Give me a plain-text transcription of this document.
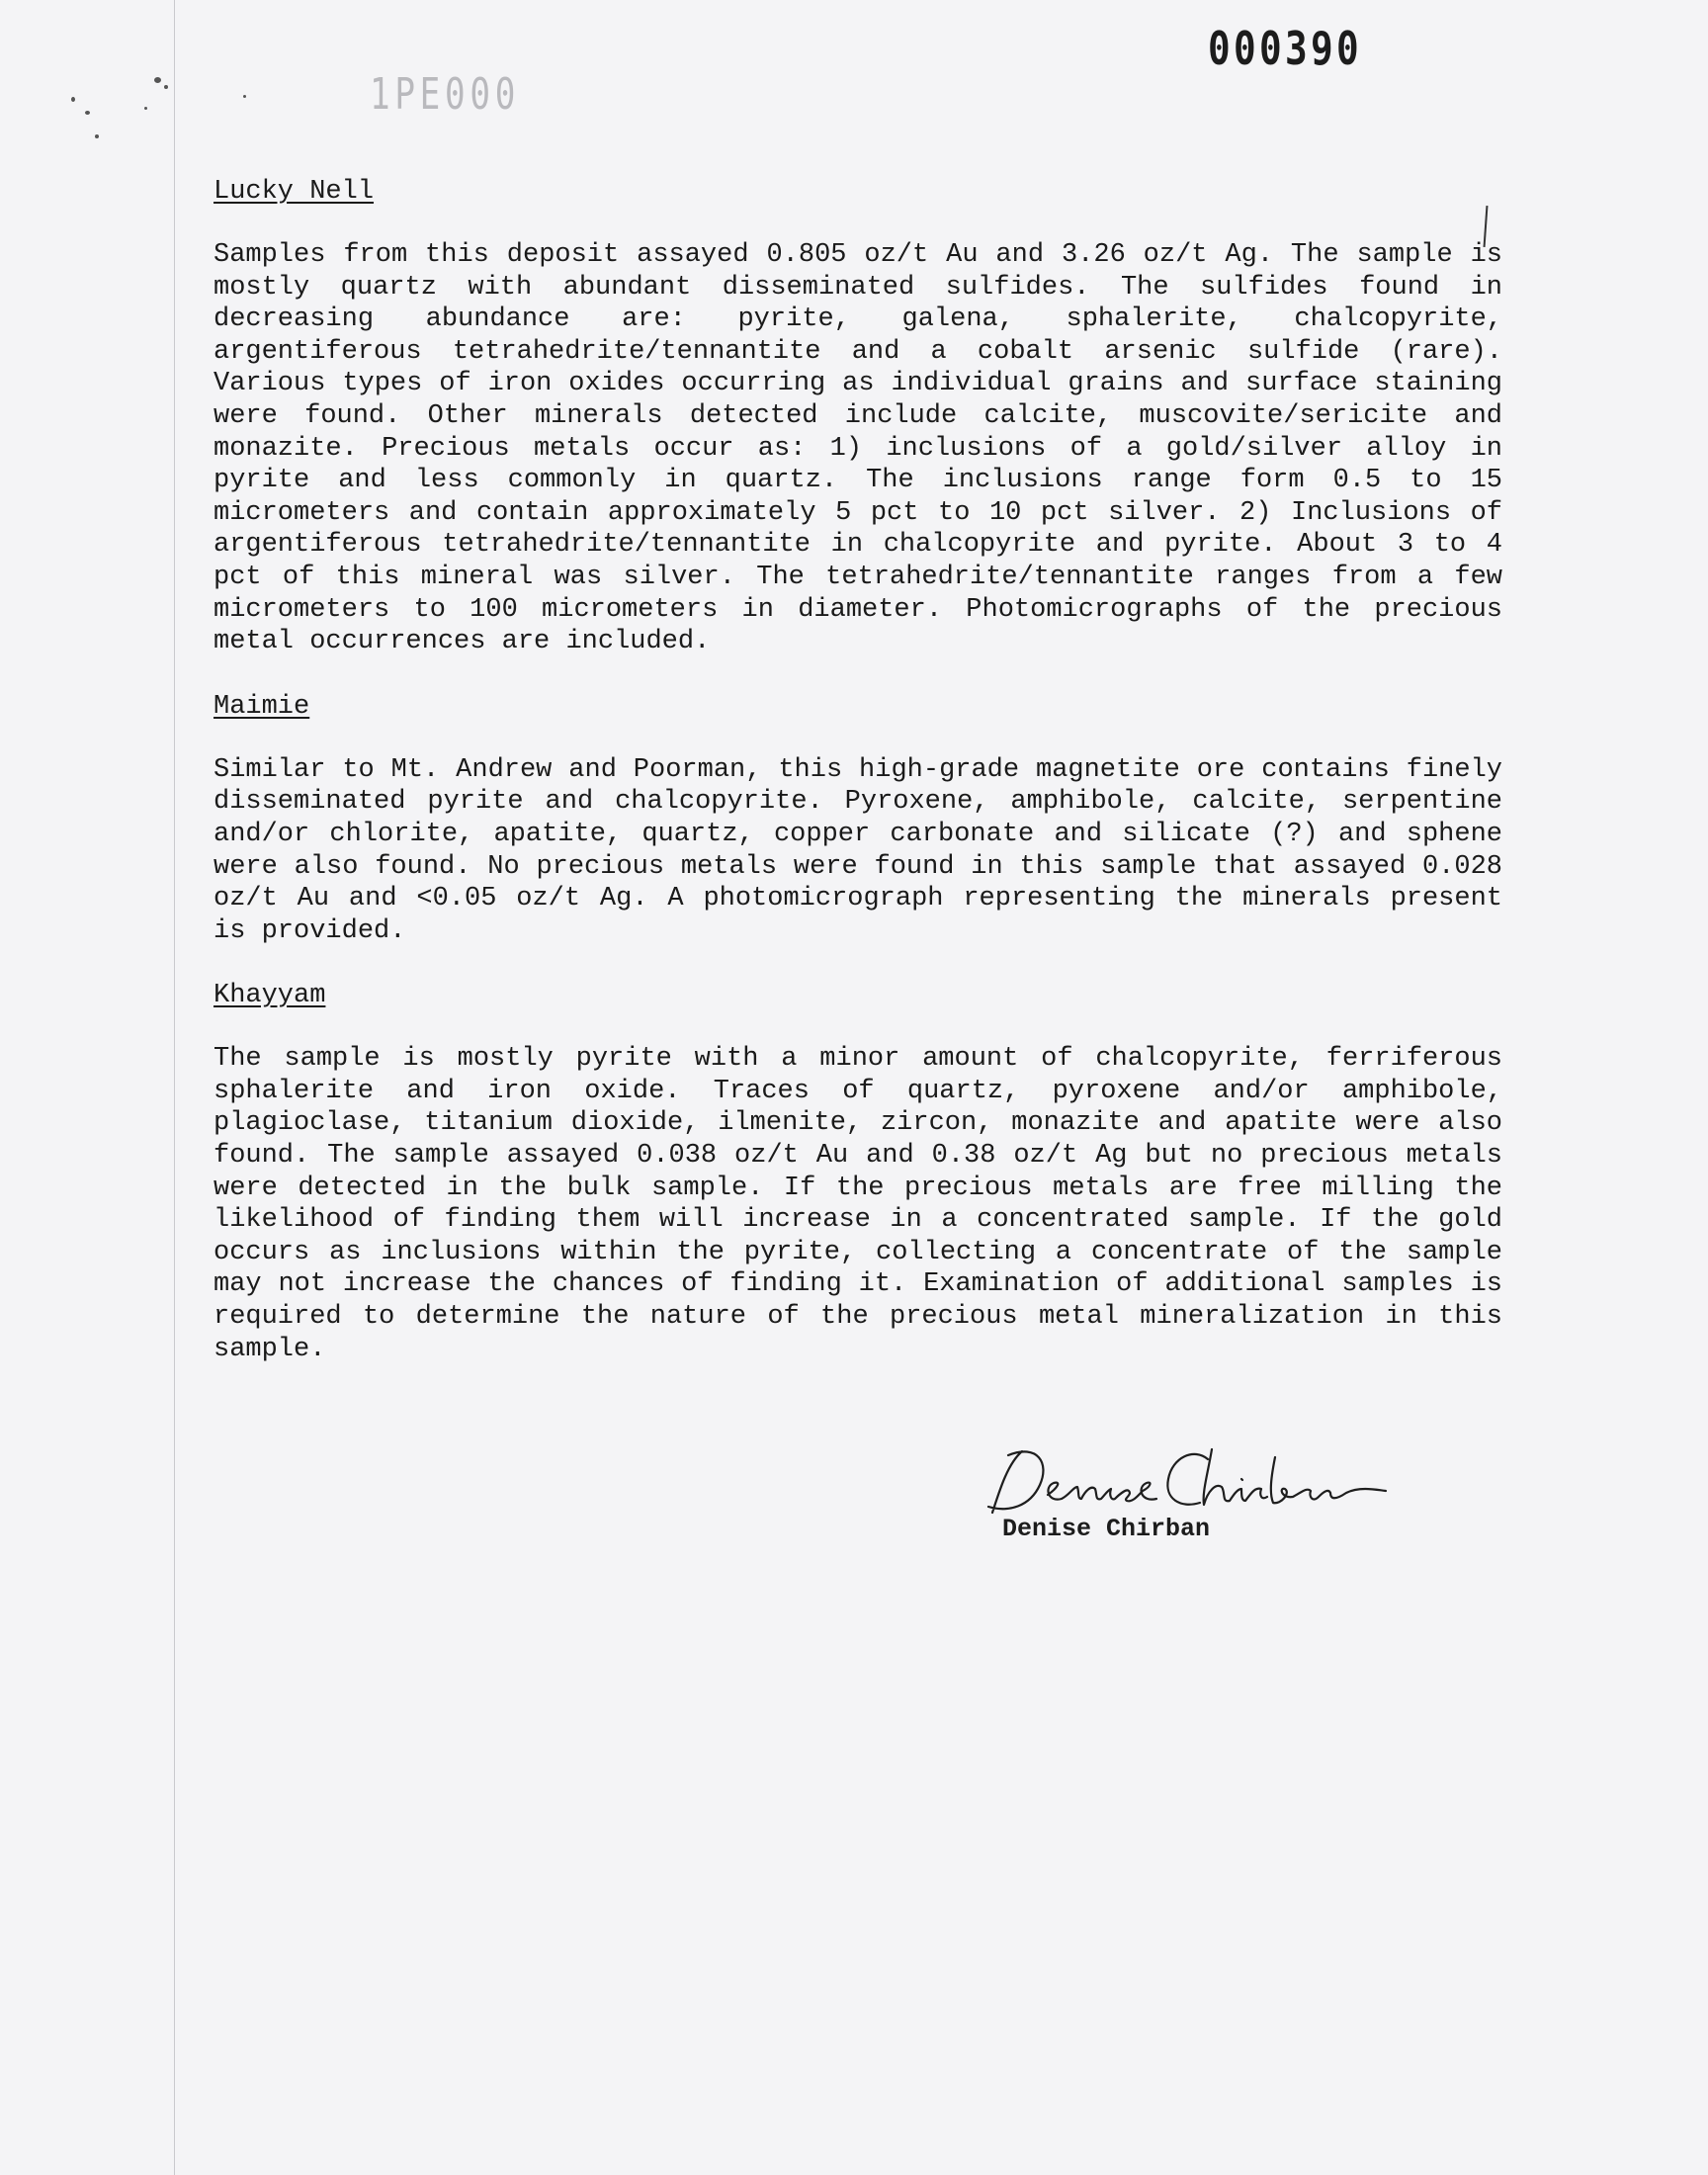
000390
1PE000
Lucky Nell

Samples from this deposit assayed 0.805 oz/t Au and 3.26 oz/t Ag. The sample is mostly quartz with abundant disseminated sulfides. The sulfides found in decreasing abundance are: pyrite, galena, sphalerite, chalcopyrite, argentiferous tetrahedrite/tennantite and a cobalt arsenic sulfide (rare). Various types of iron oxides occurring as individual grains and surface staining were found. Other minerals detected include calcite, muscovite/sericite and monazite. Precious metals occur as: 1) inclusions of a gold/silver alloy in pyrite and less commonly in quartz. The inclusions range form 0.5 to 15 micrometers and contain approximately 5 pct to 10 pct silver. 2) Inclusions of argentiferous tetrahedrite/tennantite in chalcopyrite and pyrite. About 3 to 4 pct of this mineral was silver. The tetrahedrite/tennantite ranges from a few micrometers to 100 micrometers in diameter. Photomicrographs of the precious metal occurrences are included.

Maimie

Similar to Mt. Andrew and Poorman, this high-grade magnetite ore contains finely disseminated pyrite and chalcopyrite. Pyroxene, amphibole, calcite, serpentine and/or chlorite, apatite, quartz, copper carbonate and silicate (?) and sphene were also found. No precious metals were found in this sample that assayed 0.028 oz/t Au and <0.05 oz/t Ag. A photomicrograph representing the minerals present is provided.

Khayyam

The sample is mostly pyrite with a minor amount of chalcopyrite, ferriferous sphalerite and iron oxide. Traces of quartz, pyroxene and/or amphibole, plagioclase, titanium dioxide, ilmenite, zircon, monazite and apatite were also found. The sample assayed 0.038 oz/t Au and 0.38 oz/t Ag but no precious metals were detected in the bulk sample. If the precious metals are free milling the likelihood of finding them will increase in a concentrated sample. If the gold occurs as inclusions within the pyrite, collecting a concentrate of the sample may not increase the chances of finding it. Examination of additional samples is required to determine the nature of the precious metal mineralization in this sample.

Denise Chirban
